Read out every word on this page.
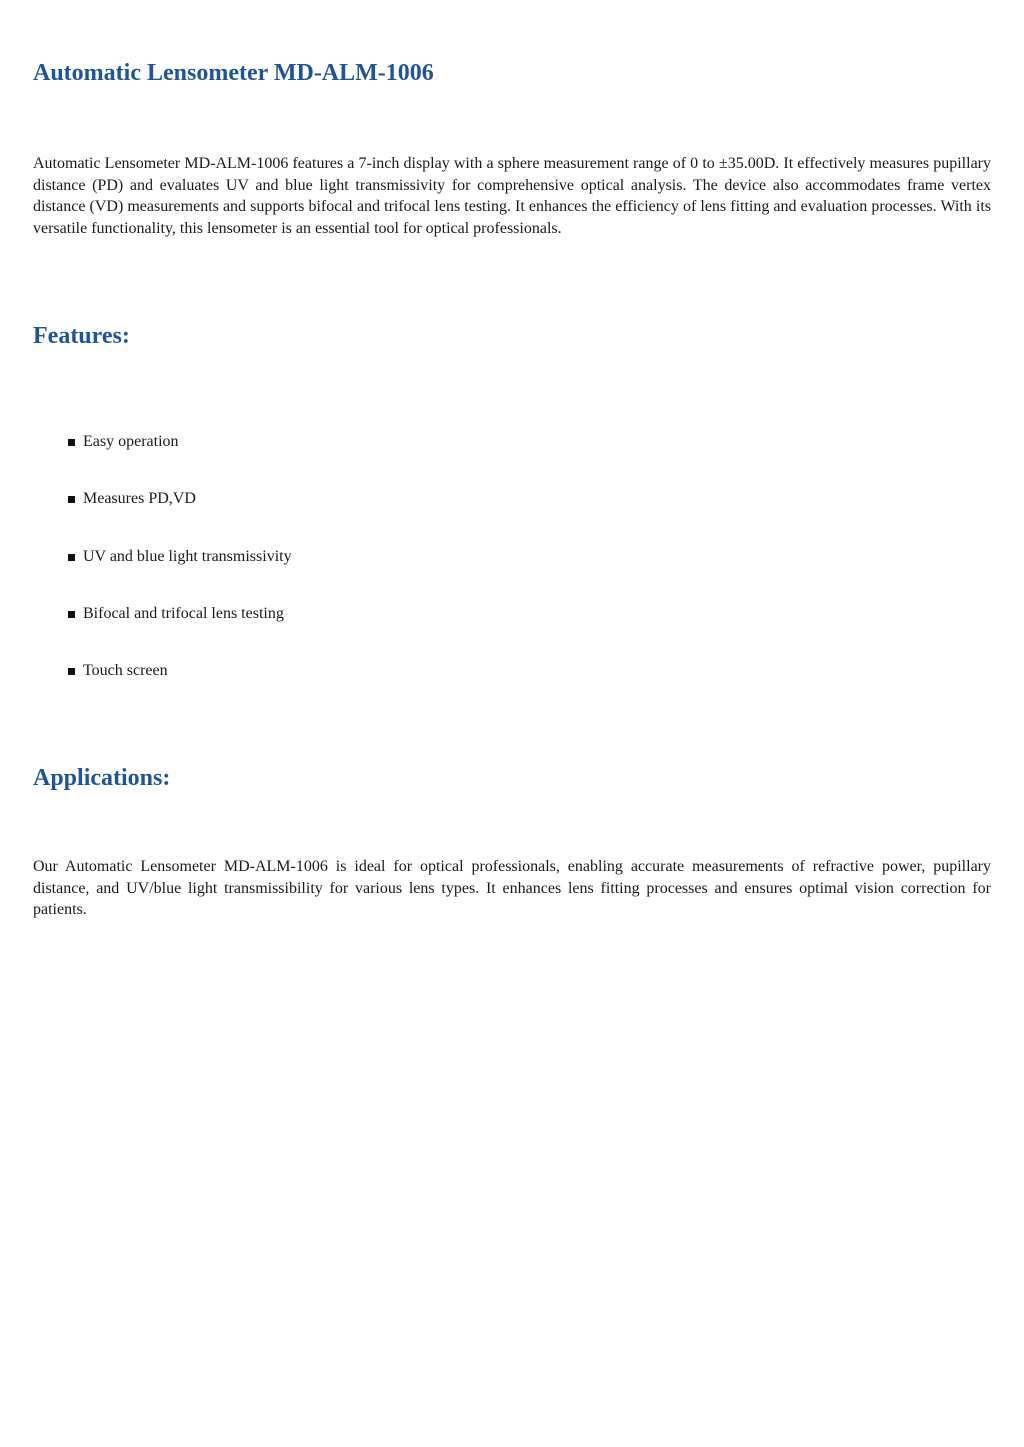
Automatic Lensometer MD-ALM-1006

Automatic Lensometer MD-ALM-1006 features a 7-inch display with a sphere measurement range of 0 to ±35.00D. It effectively measures pupillary distance (PD) and evaluates UV and blue light transmissivity for comprehensive optical analysis. The device also accommodates frame vertex distance (VD) measurements and supports bifocal and trifocal lens testing. It enhances the efficiency of lens fitting and evaluation processes. With its versatile functionality, this lensometer is an essential tool for optical professionals.

Features:
Easy operation
Measures PD,VD
UV and blue light transmissivity
Bifocal and trifocal lens testing
Touch screen
Applications:

Our Automatic Lensometer MD-ALM-1006 is ideal for optical professionals, enabling accurate measurements of refractive power, pupillary distance, and UV/blue light transmissibility for various lens types. It enhances lens fitting processes and ensures optimal vision correction for patients.
